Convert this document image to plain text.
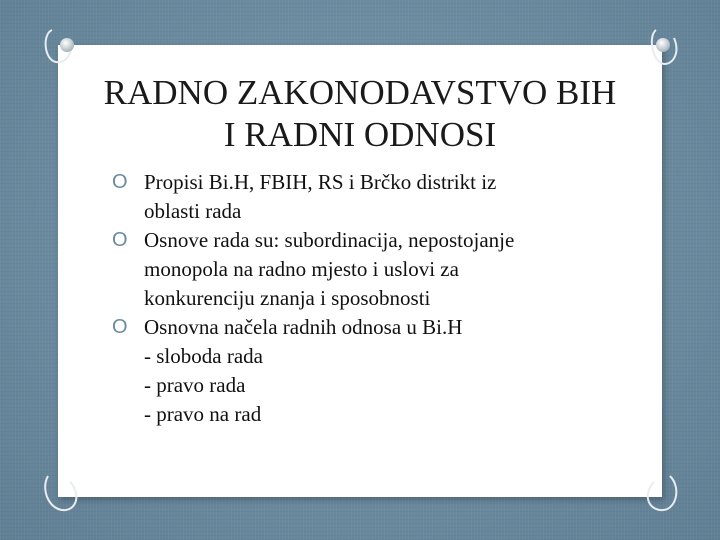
RADNO ZAKONODAVSTVO BIH
I RADNI ODNOSI
O Propisi Bi.H, FBIH, RS i Brčko distrikt iz
oblasti rada
O Osnove rada su: subordinacija, nepostojanje
monopola na radno mjesto i uslovi za
konkurenciju znanja i sposobnosti
O Osnovna načela radnih odnosa u Bi.H
- sloboda rada
- pravo rada
- pravo na rad
